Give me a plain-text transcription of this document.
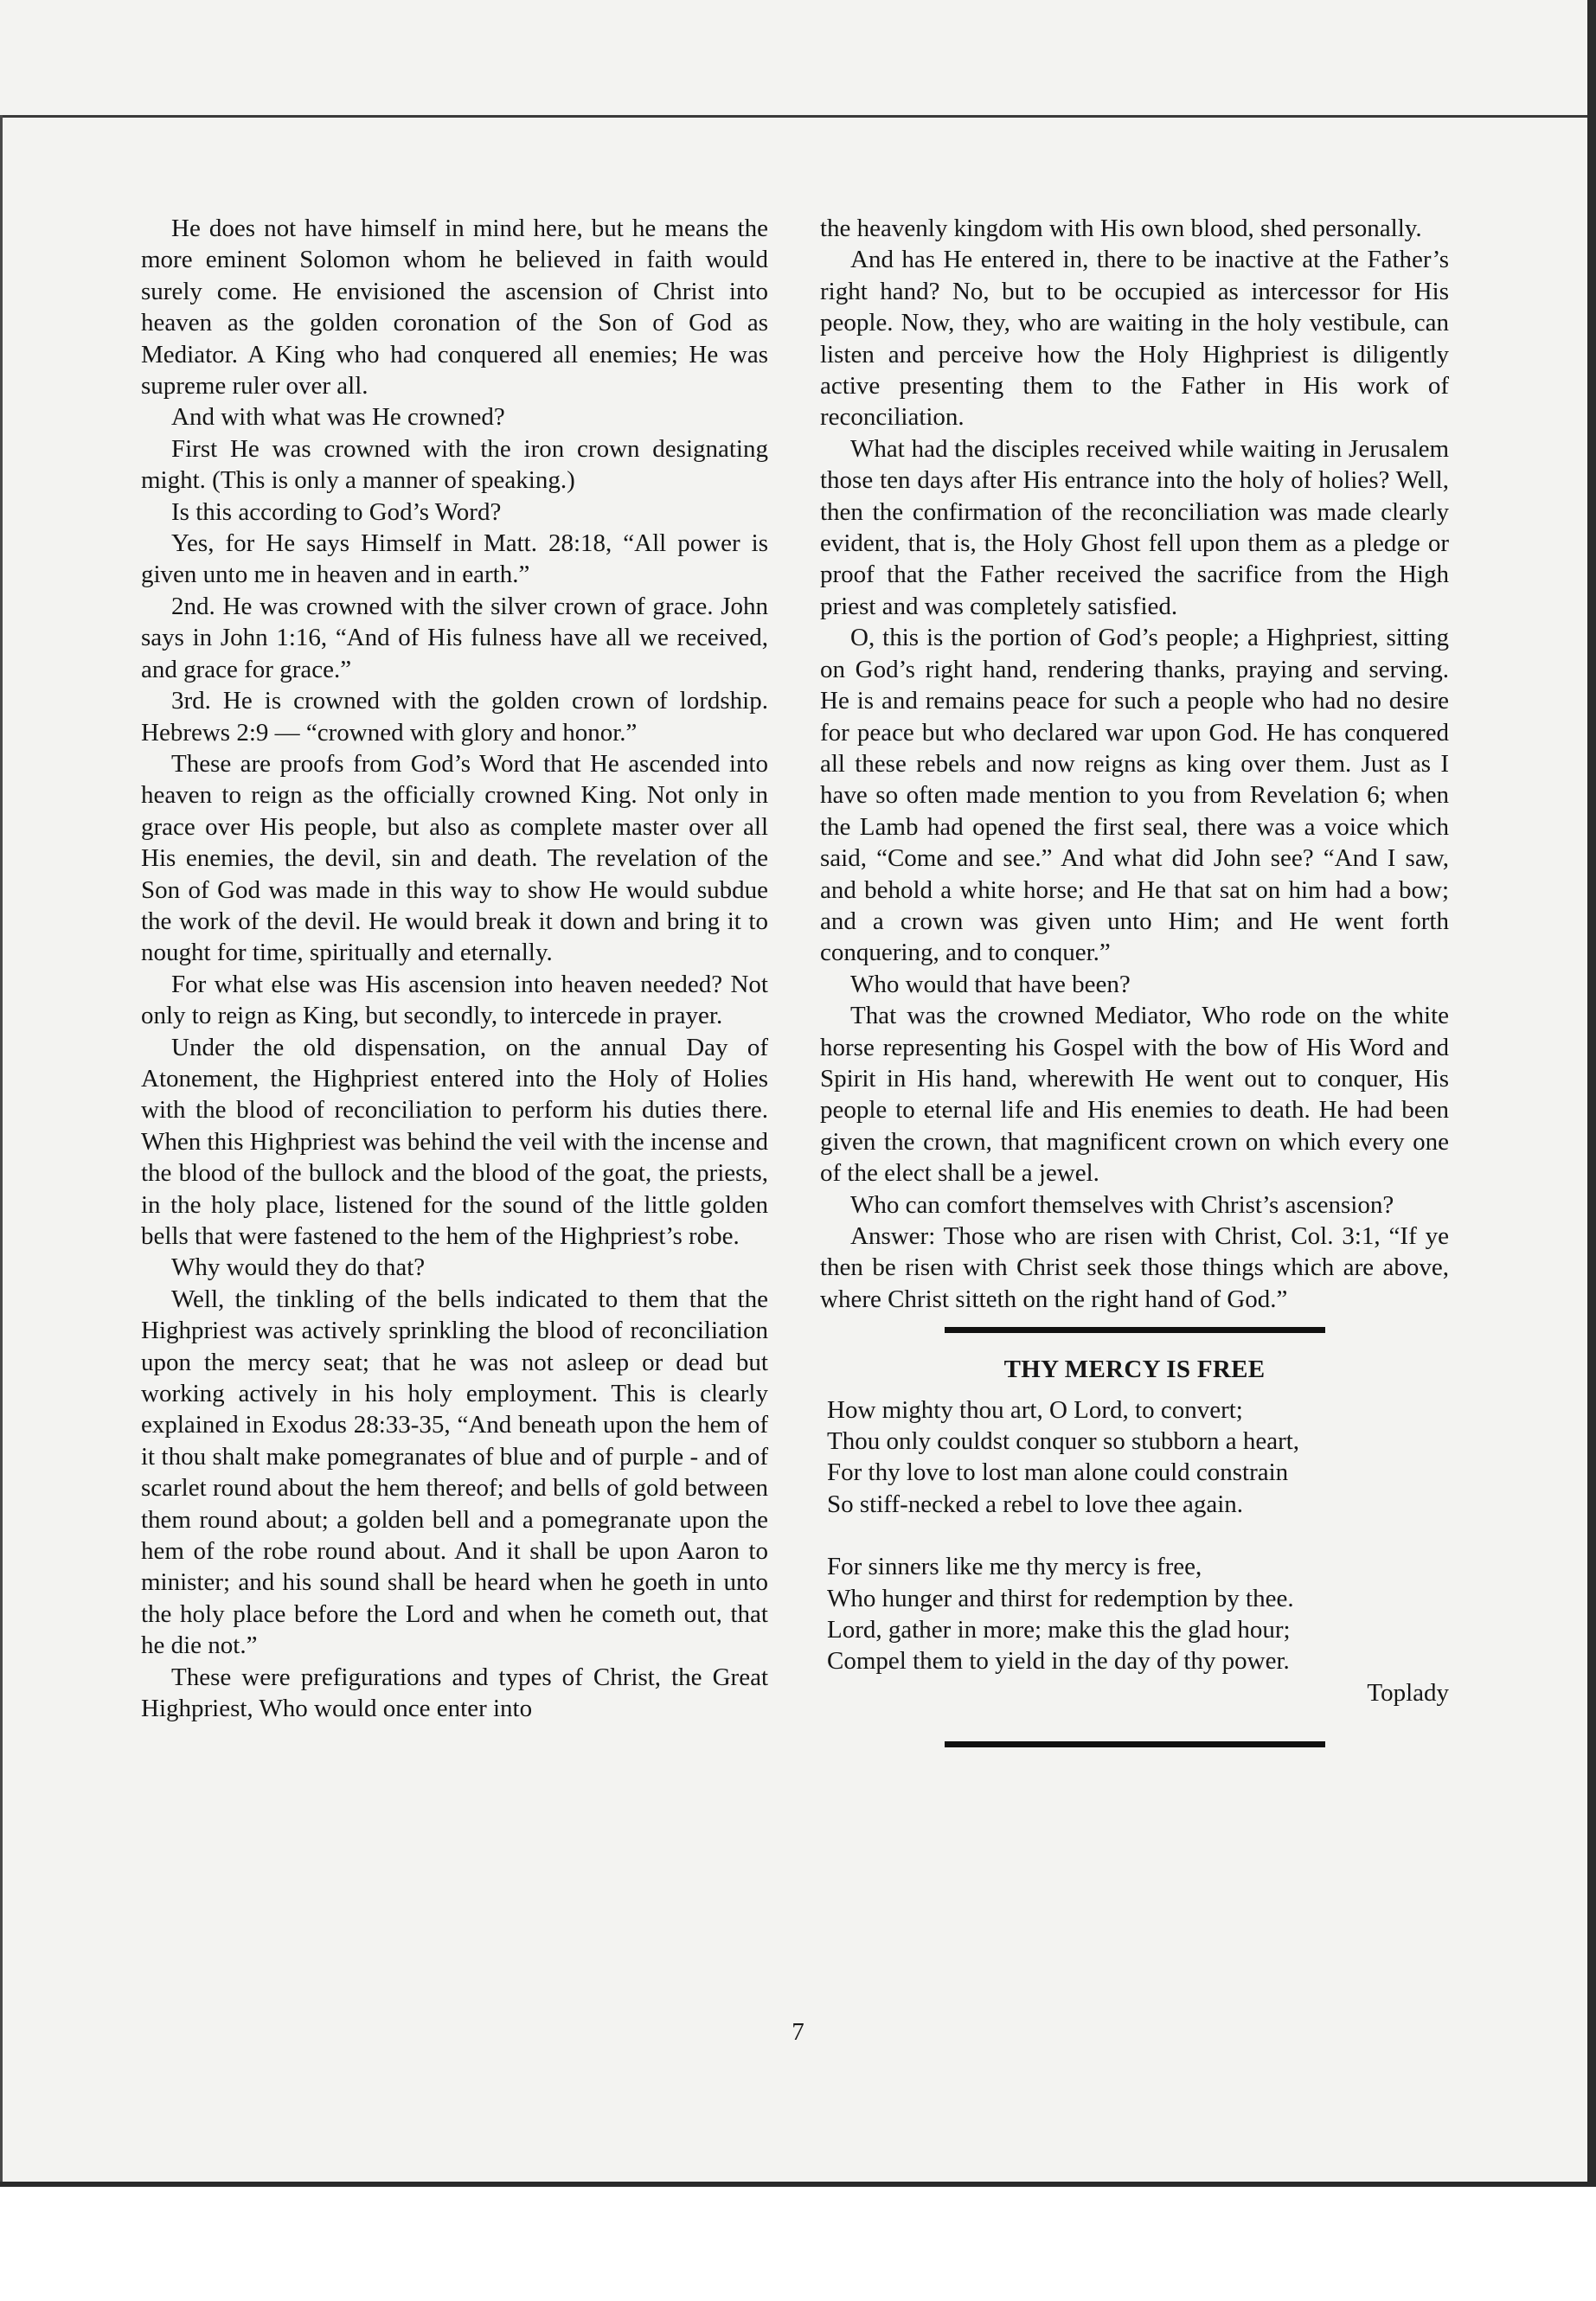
He does not have himself in mind here, but he means the more eminent Solomon whom he believed in faith would surely come. He envisioned the ascension of Christ into heaven as the golden coronation of the Son of God as Mediator. A King who had conquered all enemies; He was supreme ruler over all.

And with what was He crowned?

First He was crowned with the iron crown designating might. (This is only a manner of speaking.)

Is this according to God’s Word?

Yes, for He says Himself in Matt. 28:18, “All power is given unto me in heaven and in earth.”

2nd. He was crowned with the silver crown of grace. John says in John 1:16, “And of His fulness have all we received, and grace for grace.”

3rd. He is crowned with the golden crown of lordship. Hebrews 2:9 — “crowned with glory and honor.”

These are proofs from God’s Word that He ascended into heaven to reign as the officially crowned King. Not only in grace over His people, but also as complete master over all His enemies, the devil, sin and death. The revelation of the Son of God was made in this way to show He would subdue the work of the devil. He would break it down and bring it to nought for time, spiritually and eternally.

For what else was His ascension into heaven needed? Not only to reign as King, but secondly, to intercede in prayer.

Under the old dispensation, on the annual Day of Atonement, the Highpriest entered into the Holy of Holies with the blood of reconciliation to perform his duties there. When this Highpriest was behind the veil with the incense and the blood of the bullock and the blood of the goat, the priests, in the holy place, listened for the sound of the little golden bells that were fastened to the hem of the Highpriest’s robe.

Why would they do that?

Well, the tinkling of the bells indicated to them that the Highpriest was actively sprinkling the blood of reconciliation upon the mercy seat; that he was not asleep or dead but working actively in his holy employment. This is clearly explained in Exodus 28:33-35, “And beneath upon the hem of it thou shalt make pomegranates of blue and of purple - and of scarlet round about the hem thereof; and bells of gold between them round about; a golden bell and a pomegranate upon the hem of the robe round about. And it shall be upon Aaron to minister; and his sound shall be heard when he goeth in unto the holy place before the Lord and when he cometh out, that he die not.”

These were prefigurations and types of Christ, the Great Highpriest, Who would once enter into

the heavenly kingdom with His own blood, shed personally.

And has He entered in, there to be inactive at the Father’s right hand? No, but to be occupied as intercessor for His people. Now, they, who are waiting in the holy vestibule, can listen and perceive how the Holy Highpriest is diligently active presenting them to the Father in His work of reconciliation.

What had the disciples received while waiting in Jerusalem those ten days after His entrance into the holy of holies? Well, then the confirmation of the reconciliation was made clearly evident, that is, the Holy Ghost fell upon them as a pledge or proof that the Father received the sacrifice from the High priest and was completely satisfied.

O, this is the portion of God’s people; a Highpriest, sitting on God’s right hand, rendering thanks, praying and serving. He is and remains peace for such a people who had no desire for peace but who declared war upon God. He has conquered all these rebels and now reigns as king over them. Just as I have so often made mention to you from Revelation 6; when the Lamb had opened the first seal, there was a voice which said, “Come and see.” And what did John see? “And I saw, and behold a white horse; and He that sat on him had a bow; and a crown was given unto Him; and He went forth conquering, and to conquer.”

Who would that have been?

That was the crowned Mediator, Who rode on the white horse representing his Gospel with the bow of His Word and Spirit in His hand, wherewith He went out to conquer, His people to eternal life and His enemies to death. He had been given the crown, that magnificent crown on which every one of the elect shall be a jewel.

Who can comfort themselves with Christ’s ascension?

Answer: Those who are risen with Christ, Col. 3:1, “If ye then be risen with Christ seek those things which are above, where Christ sitteth on the right hand of God.”

THY MERCY IS FREE
How mighty thou art, O Lord, to convert;
Thou only couldst conquer so stubborn a heart,
For thy love to lost man alone could constrain
So stiff-necked a rebel to love thee again.
For sinners like me thy mercy is free,
Who hunger and thirst for redemption by thee.
Lord, gather in more; make this the glad hour;
Compel them to yield in the day of thy power.
Toplady
7
